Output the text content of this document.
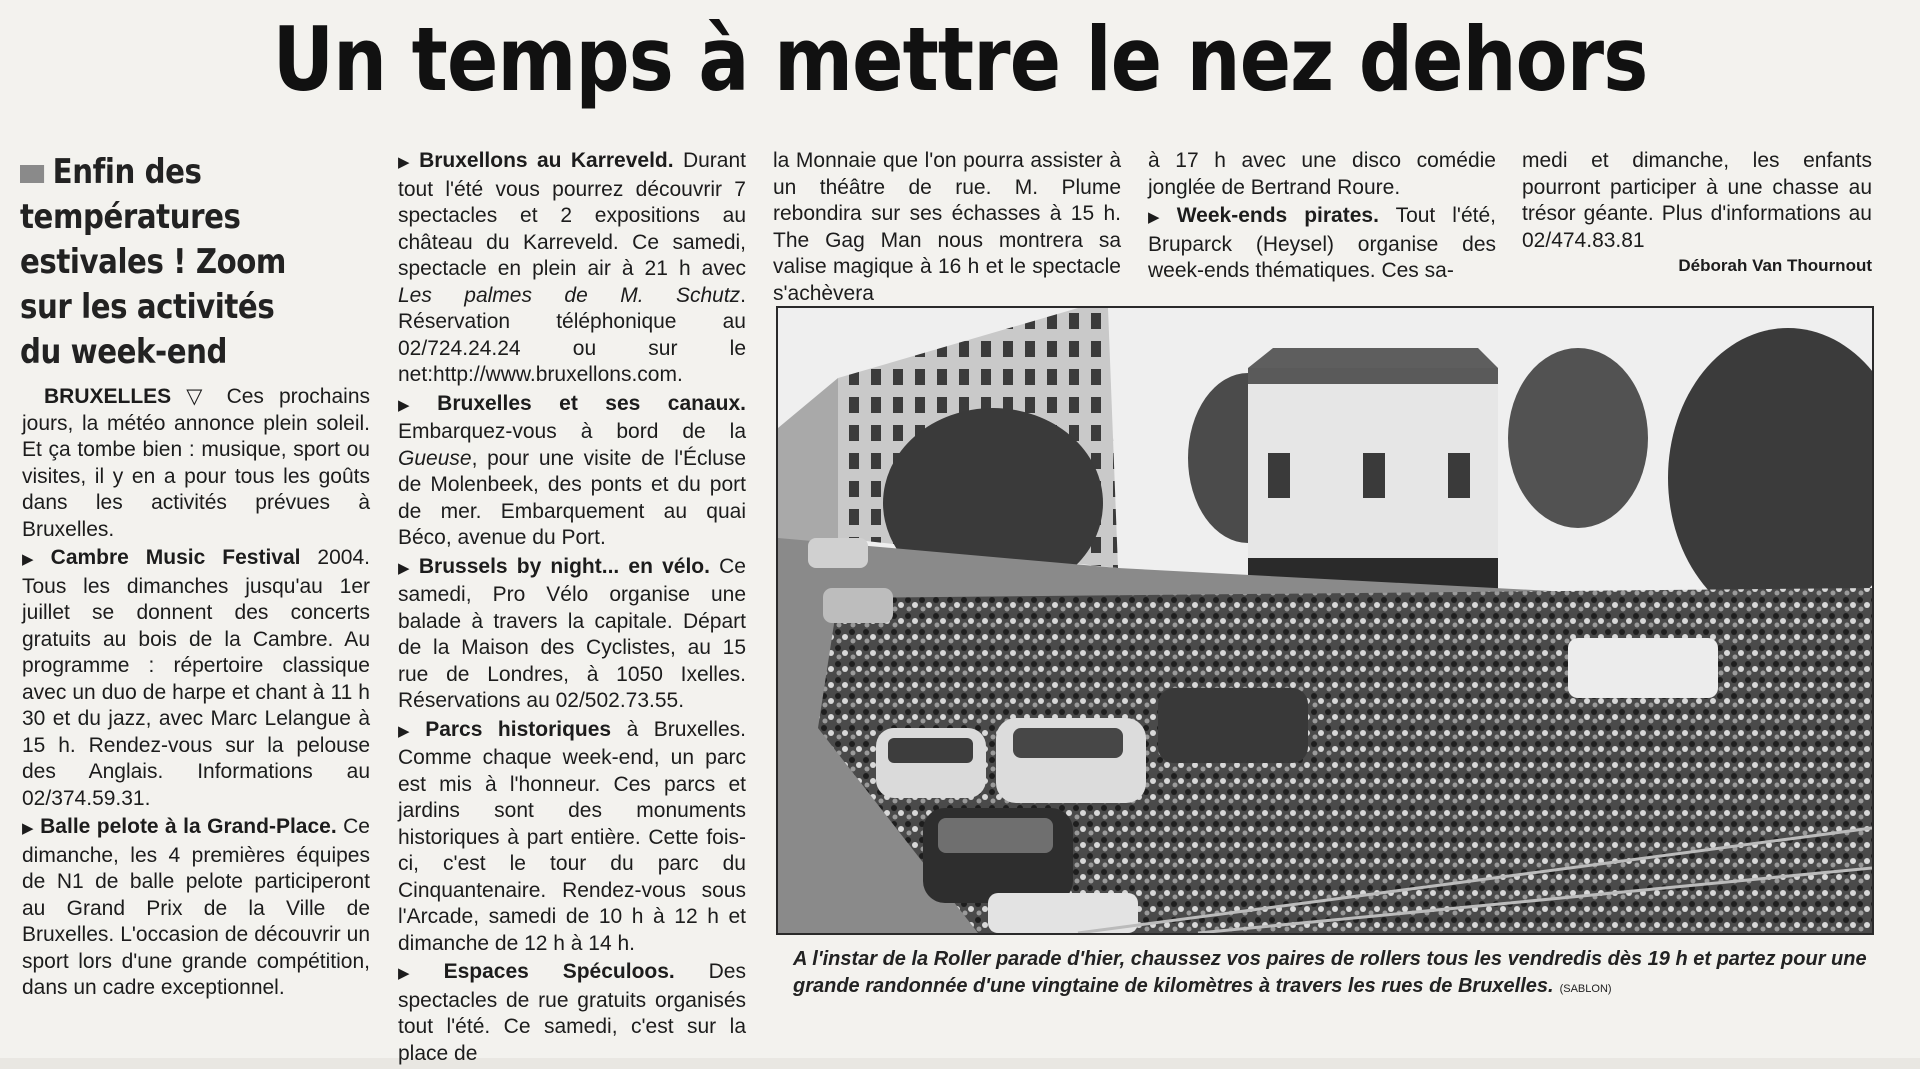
Un temps à mettre le nez dehors
Enfin des températures estivales ! Zoom sur les activités du week-end

BRUXELLES ▽ Ces prochains jours, la météo annonce plein soleil. Et ça tombe bien : musique, sport ou visites, il y en a pour tous les goûts dans les activités prévues à Bruxelles.

▶ Cambre Music Festival 2004. Tous les dimanches jusqu'au 1er juillet se donnent des concerts gratuits au bois de la Cambre. Au programme : répertoire classique avec un duo de harpe et chant à 11 h 30 et du jazz, avec Marc Lelangue à 15 h. Rendez-vous sur la pelouse des Anglais. Informations au 02/374.59.31.

▶ Balle pelote à la Grand-Place. Ce dimanche, les 4 premières équipes de N1 de balle pelote participeront au Grand Prix de la Ville de Bruxelles. L'occasion de découvrir un sport lors d'une grande compétition, dans un cadre exceptionnel.

▶ Bruxellons au Karreveld. Durant tout l'été vous pourrez découvrir 7 spectacles et 2 expositions au château du Karreveld. Ce samedi, spectacle en plein air à 21 h avec Les palmes de M. Schutz. Réservation téléphonique au 02/724.24.24 ou sur le net:http://www.bruxellons.com.

▶ Bruxelles et ses canaux. Embarquez-vous à bord de la Gueuse, pour une visite de l'Écluse de Molenbeek, des ponts et du port de mer. Embarquement au quai Béco, avenue du Port.

▶ Brussels by night... en vélo. Ce samedi, Pro Vélo organise une balade à travers la capitale. Départ de la Maison des Cyclistes, au 15 rue de Londres, à 1050 Ixelles. Réservations au 02/502.73.55.

▶ Parcs historiques à Bruxelles. Comme chaque week-end, un parc est mis à l'honneur. Ces parcs et jardins sont des monuments historiques à part entière. Cette fois-ci, c'est le tour du parc du Cinquantenaire. Rendez-vous sous l'Arcade, samedi de 10 h à 12 h et dimanche de 12 h à 14 h.

▶ Espaces Spéculoos. Des spectacles de rue gratuits organisés tout l'été. Ce samedi, c'est sur la place de

la Monnaie que l'on pourra assister à un théâtre de rue. M. Plume rebondira sur ses échasses à 15 h. The Gag Man nous montrera sa valise magique à 16 h et le spectacle s'achèvera

à 17 h avec une disco comédie jonglée de Bertrand Roure.

▶ Week-ends pirates. Tout l'été, Bruparck (Heysel) organise des week-ends thématiques. Ces sa-

medi et dimanche, les enfants pourront participer à une chasse au trésor géante. Plus d'informations au 02/474.83.81

Déborah Van Thournout
A l'instar de la Roller parade d'hier, chaussez vos paires de rollers tous les vendredis dès 19 h et partez pour une grande randonnée d'une vingtaine de kilomètres à travers les rues de Bruxelles. (SABLON)
